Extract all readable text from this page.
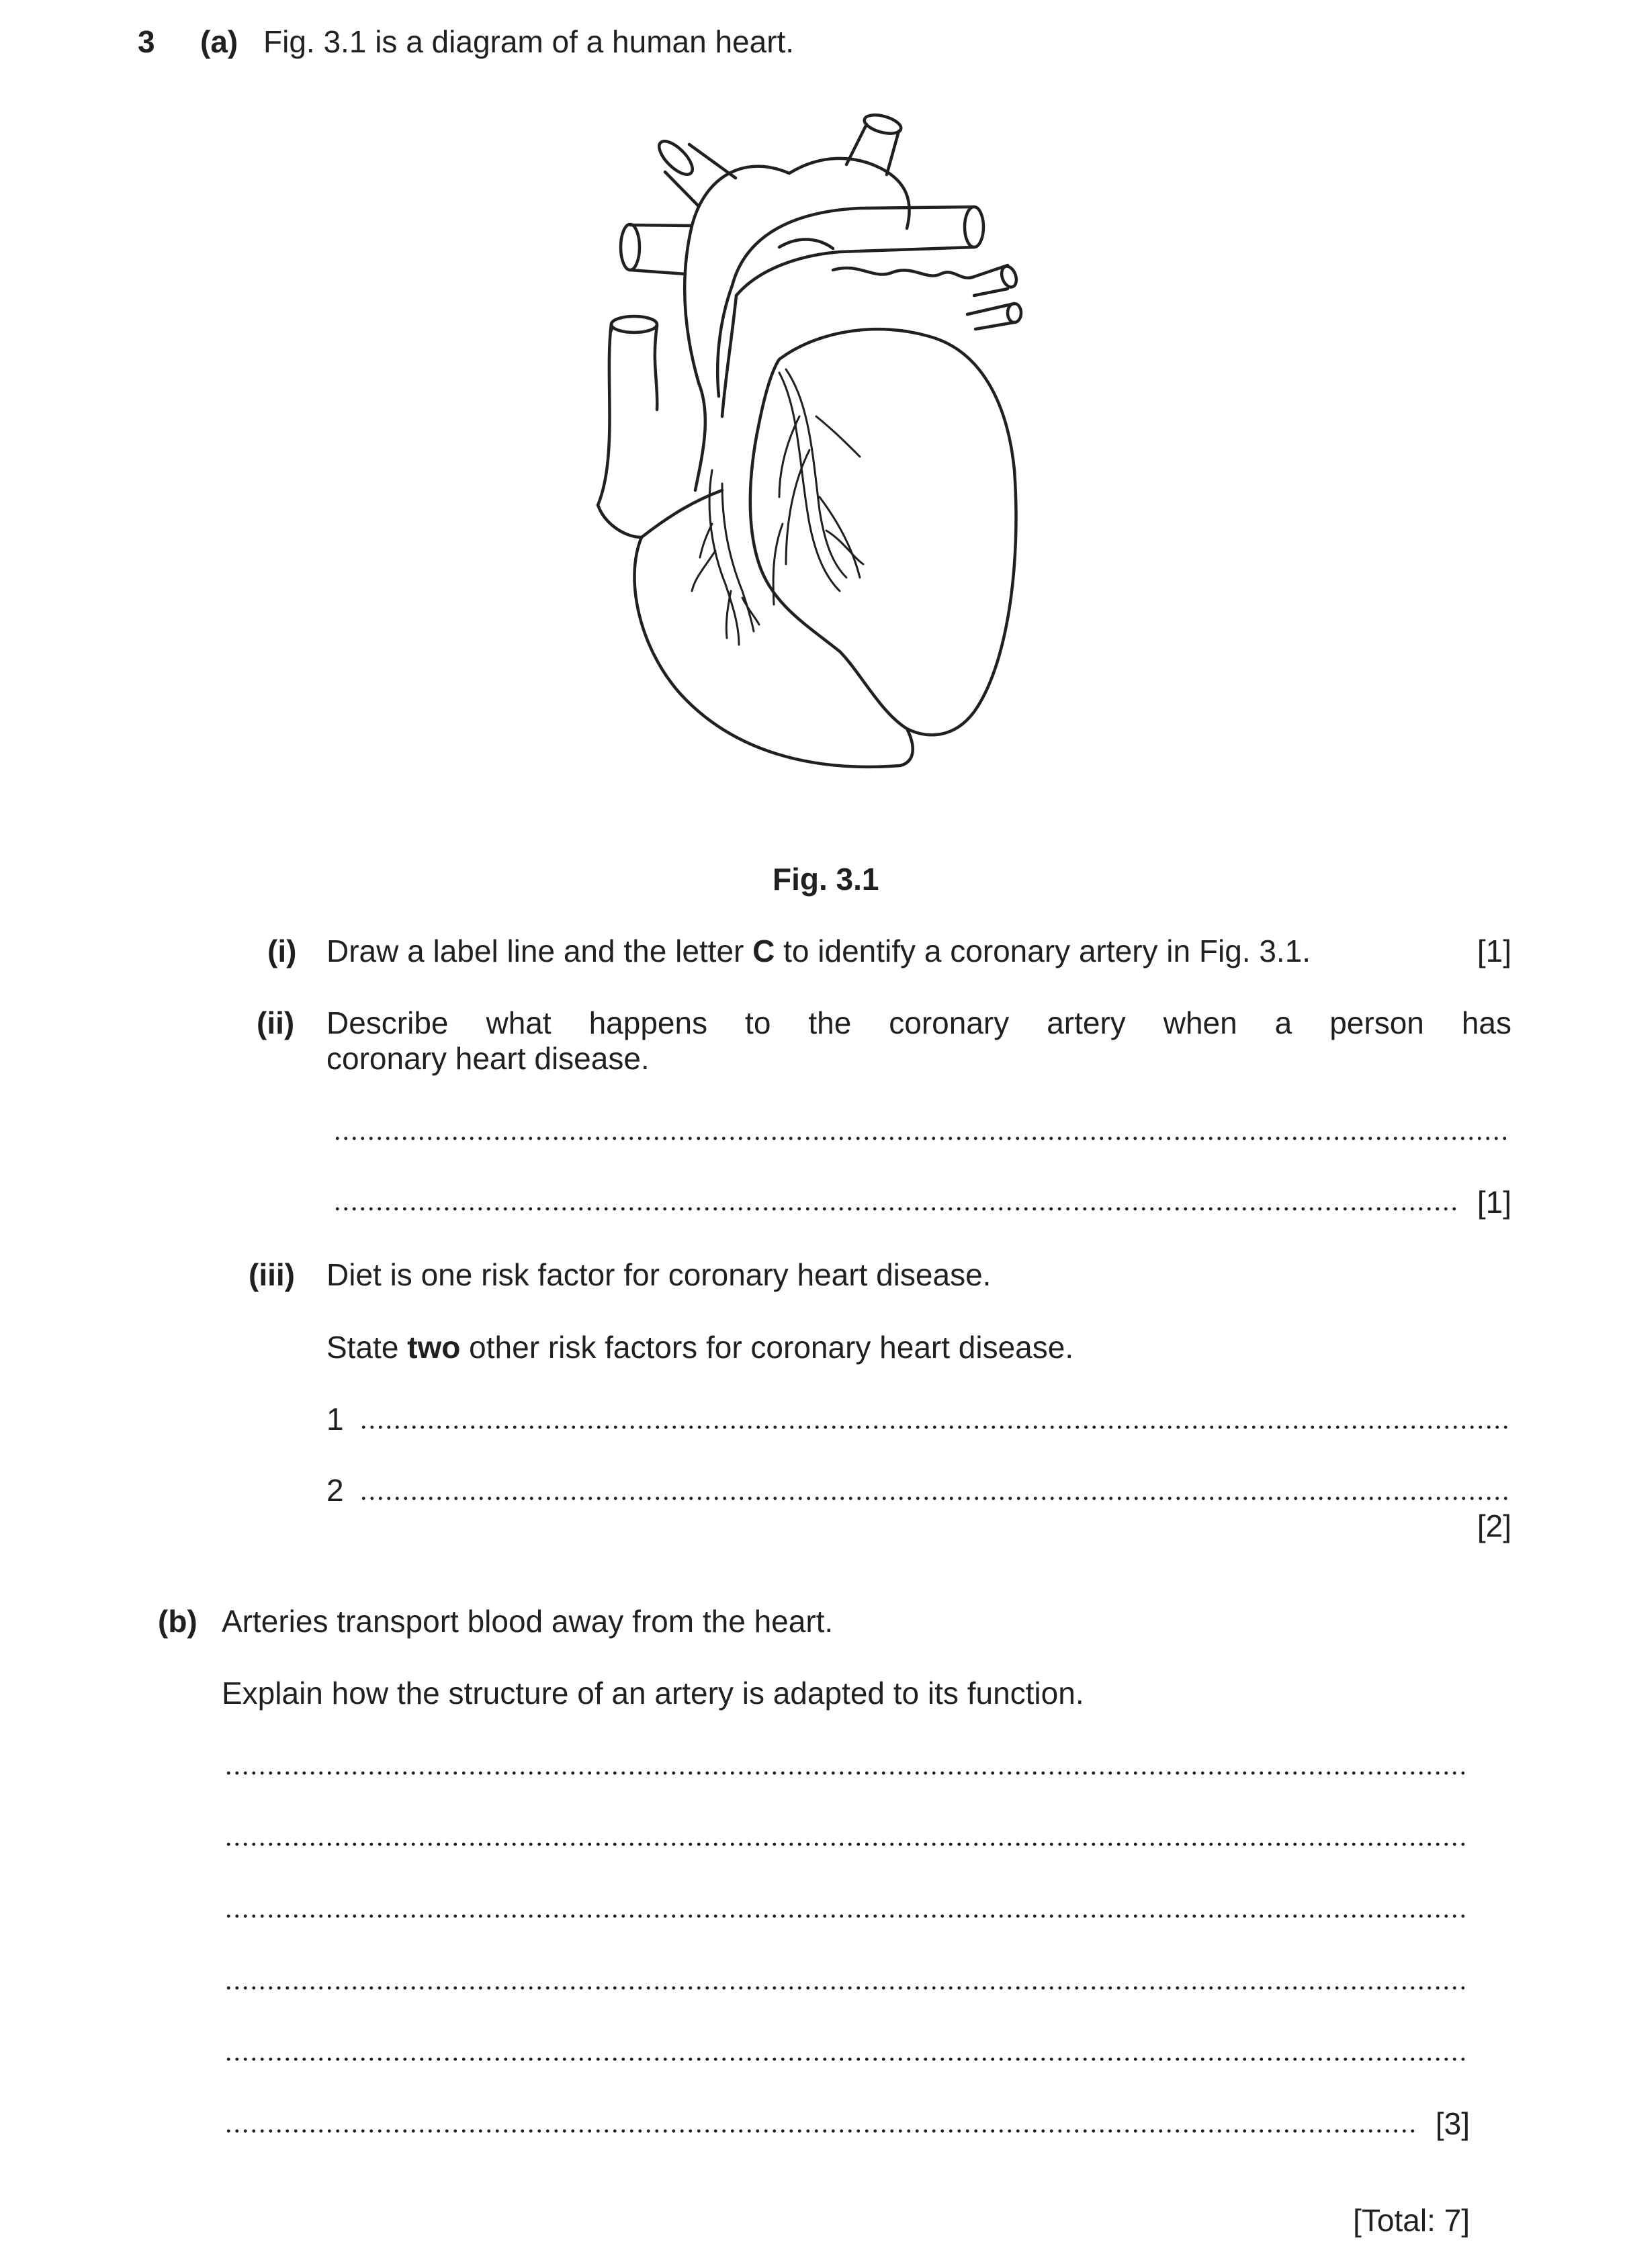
3 (a) Fig. 3.1 is a diagram of a human heart.
Fig. 3.1
(i) Draw a label line and the letter C to identify a coronary artery in Fig. 3.1.	[1]
(ii) Describe what happens to the coronary artery when a person has
coronary heart disease.
[1]
(iii) Diet is one risk factor for coronary heart disease.
State two other risk factors for coronary heart disease.
1
2
[2]
(b) Arteries transport blood away from the heart.
Explain how the structure of an artery is adapted to its function.
[3]
[Total: 7]
